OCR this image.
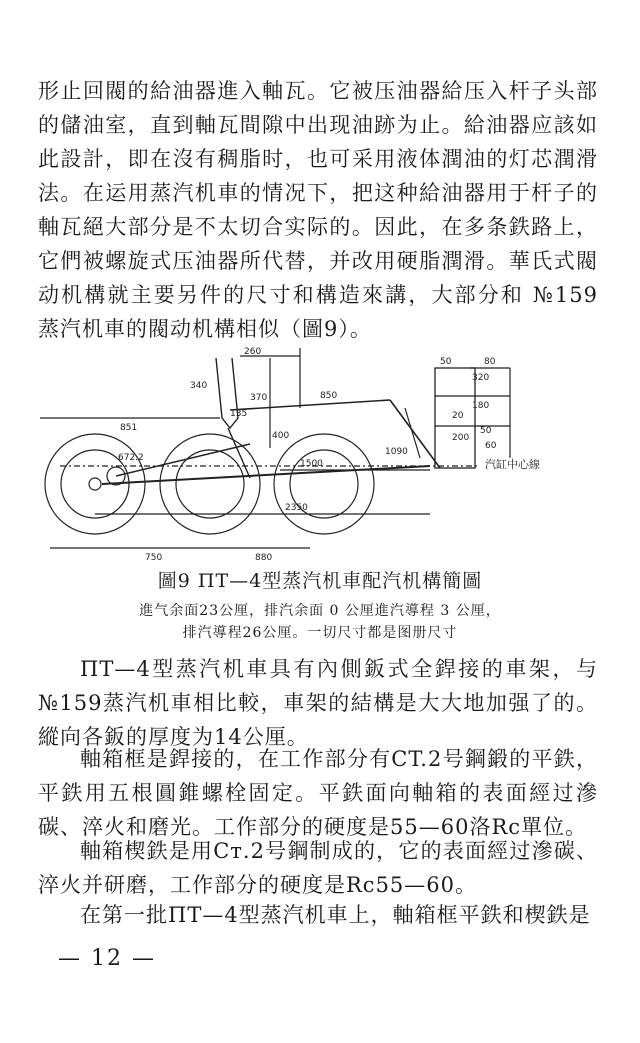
形止回閥的給油器進入軸瓦。它被压油器給压入杆子头部的儲油室，直到軸瓦間隙中出现油跡为止。給油器应該如此設計，即在沒有稠脂时，也可采用液体潤油的灯芯潤滑法。在运用蒸汽机車的情况下，把这种給油器用于杆子的軸瓦絕大部分是不太切合实际的。因此，在多条鉄路上，它們被螺旋式压油器所代替，并改用硬脂潤滑。華氏式閥动机構就主要另件的尺寸和構造來講，大部分和 №159 蒸汽机車的閥动机構相似（圖9）。

260
340
135
370	850
400
851
672.2
1500
2350
750	880
320
50	80
200
180
20
50
60
1090
汽缸中心線
圖9 ПТ—4型蒸汽机車配汽机構簡圖
進气余面23公厘，排汽余面 0 公厘進汽導程 3 公厘，
排汽導程26公厘。一切尺寸都是图册尺寸

ПТ—4型蒸汽机車具有內側鈑式全銲接的車架，与№159蒸汽机車相比較，車架的結構是大大地加强了的。縱向各鈑的厚度为14公厘。

軸箱框是銲接的，在工作部分有CT.2号鋼鍛的平鉄，平鉄用五根圓錐螺栓固定。平鉄面向軸箱的表面經过滲碳、淬火和磨光。工作部分的硬度是55—60洛Rc單位。

軸箱楔鉄是用Cт.2号鋼制成的，它的表面經过滲碳、淬火并研磨，工作部分的硬度是Rc55—60。

在第一批ПТ—4型蒸汽机車上，軸箱框平鉄和楔鉄是

— 12 —
